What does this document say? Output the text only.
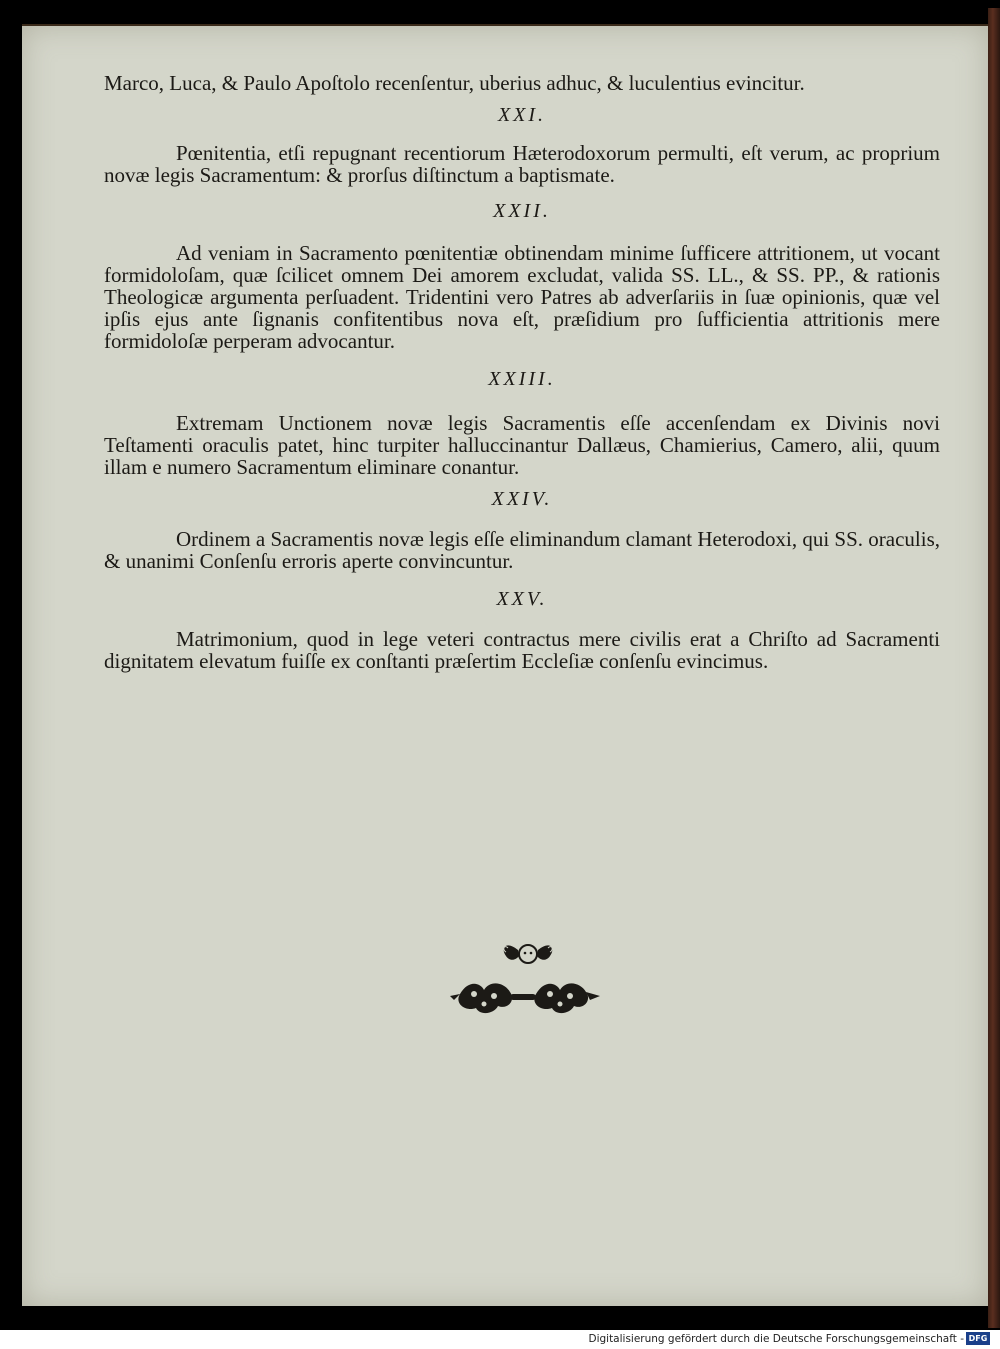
Marco, Luca, & Paulo Apoſtolo recenſentur, uberius adhuc, & luculentius evincitur.

XXI.

Pœnitentia, etſi repugnant recentiorum Hæterodoxorum permulti, eſt verum, ac proprium novæ legis Sacramentum: & prorſus diſtinctum a baptismate.

XXII.

Ad veniam in Sacramento pœnitentiæ obtinendam minime ſufficere attritionem, ut vocant formidoloſam, quæ ſcilicet omnem Dei amorem excludat, valida SS. LL., & SS. PP., & rationis Theologicæ argumenta perſuadent. Tridentini vero Patres ab adverſariis in ſuæ opinionis, quæ vel ipſis ejus ante ſignanis confitentibus nova eſt, præſidium pro ſufficientia attritionis mere formidoloſæ perperam advocantur.

XXIII.

Extremam Unctionem novæ legis Sacramentis eſſe accenſendam ex Divinis novi Teſtamenti oraculis patet, hinc turpiter halluccinantur Dallæus, Chamierius, Camero, alii, quum illam e numero Sacramentum eliminare conantur.

XXIV.

Ordinem a Sacramentis novæ legis eſſe eliminandum clamant Heterodoxi, qui SS. oraculis, & unanimi Conſenſu erroris aperte convincuntur.

XXV.

Matrimonium, quod in lege veteri contractus mere civilis erat a Chriſto ad Sacramenti dignitatem elevatum fuiſſe ex conſtanti præſertim Eccleſiæ conſenſu evincimus.

Digitalisierung gefördert durch die Deutsche Forschungsgemeinschaft - DFG
